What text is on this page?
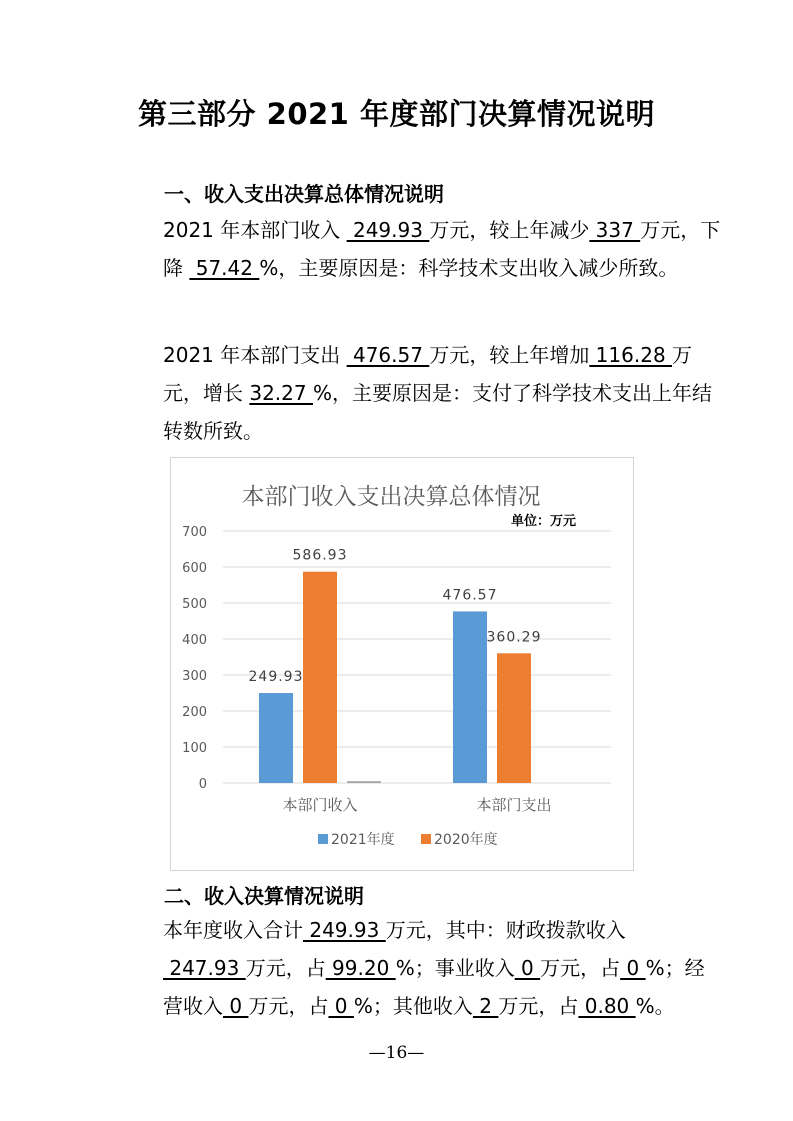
第三部分 2021 年度部门决算情况说明
一、收入支出决算总体情况说明
2021 年本部门收入  249.93 万元，较上年减少 337 万元，下降  57.42 %，主要原因是：科学技术支出收入减少所致。
2021 年本部门支出  476.57 万元，较上年增加 116.28 万元，增长 32.27 %，主要原因是：支付了科学技术支出上年结转数所致。
本部门收入支出决算总体情况
单位：万元
0
100
200
300
400
500
600
700
249.93
586.93
476.57
360.29
本部门收入	本部门支出
2021年度	2020年度
二、收入决算情况说明
本年度收入合计 249.93 万元，其中：财政拨款收入 247.93 万元，占 99.20 %；事业收入 0 万元，占 0 %；经营收入 0 万元，占 0 %；其他收入 2 万元，占 0.80 %。
—16—
